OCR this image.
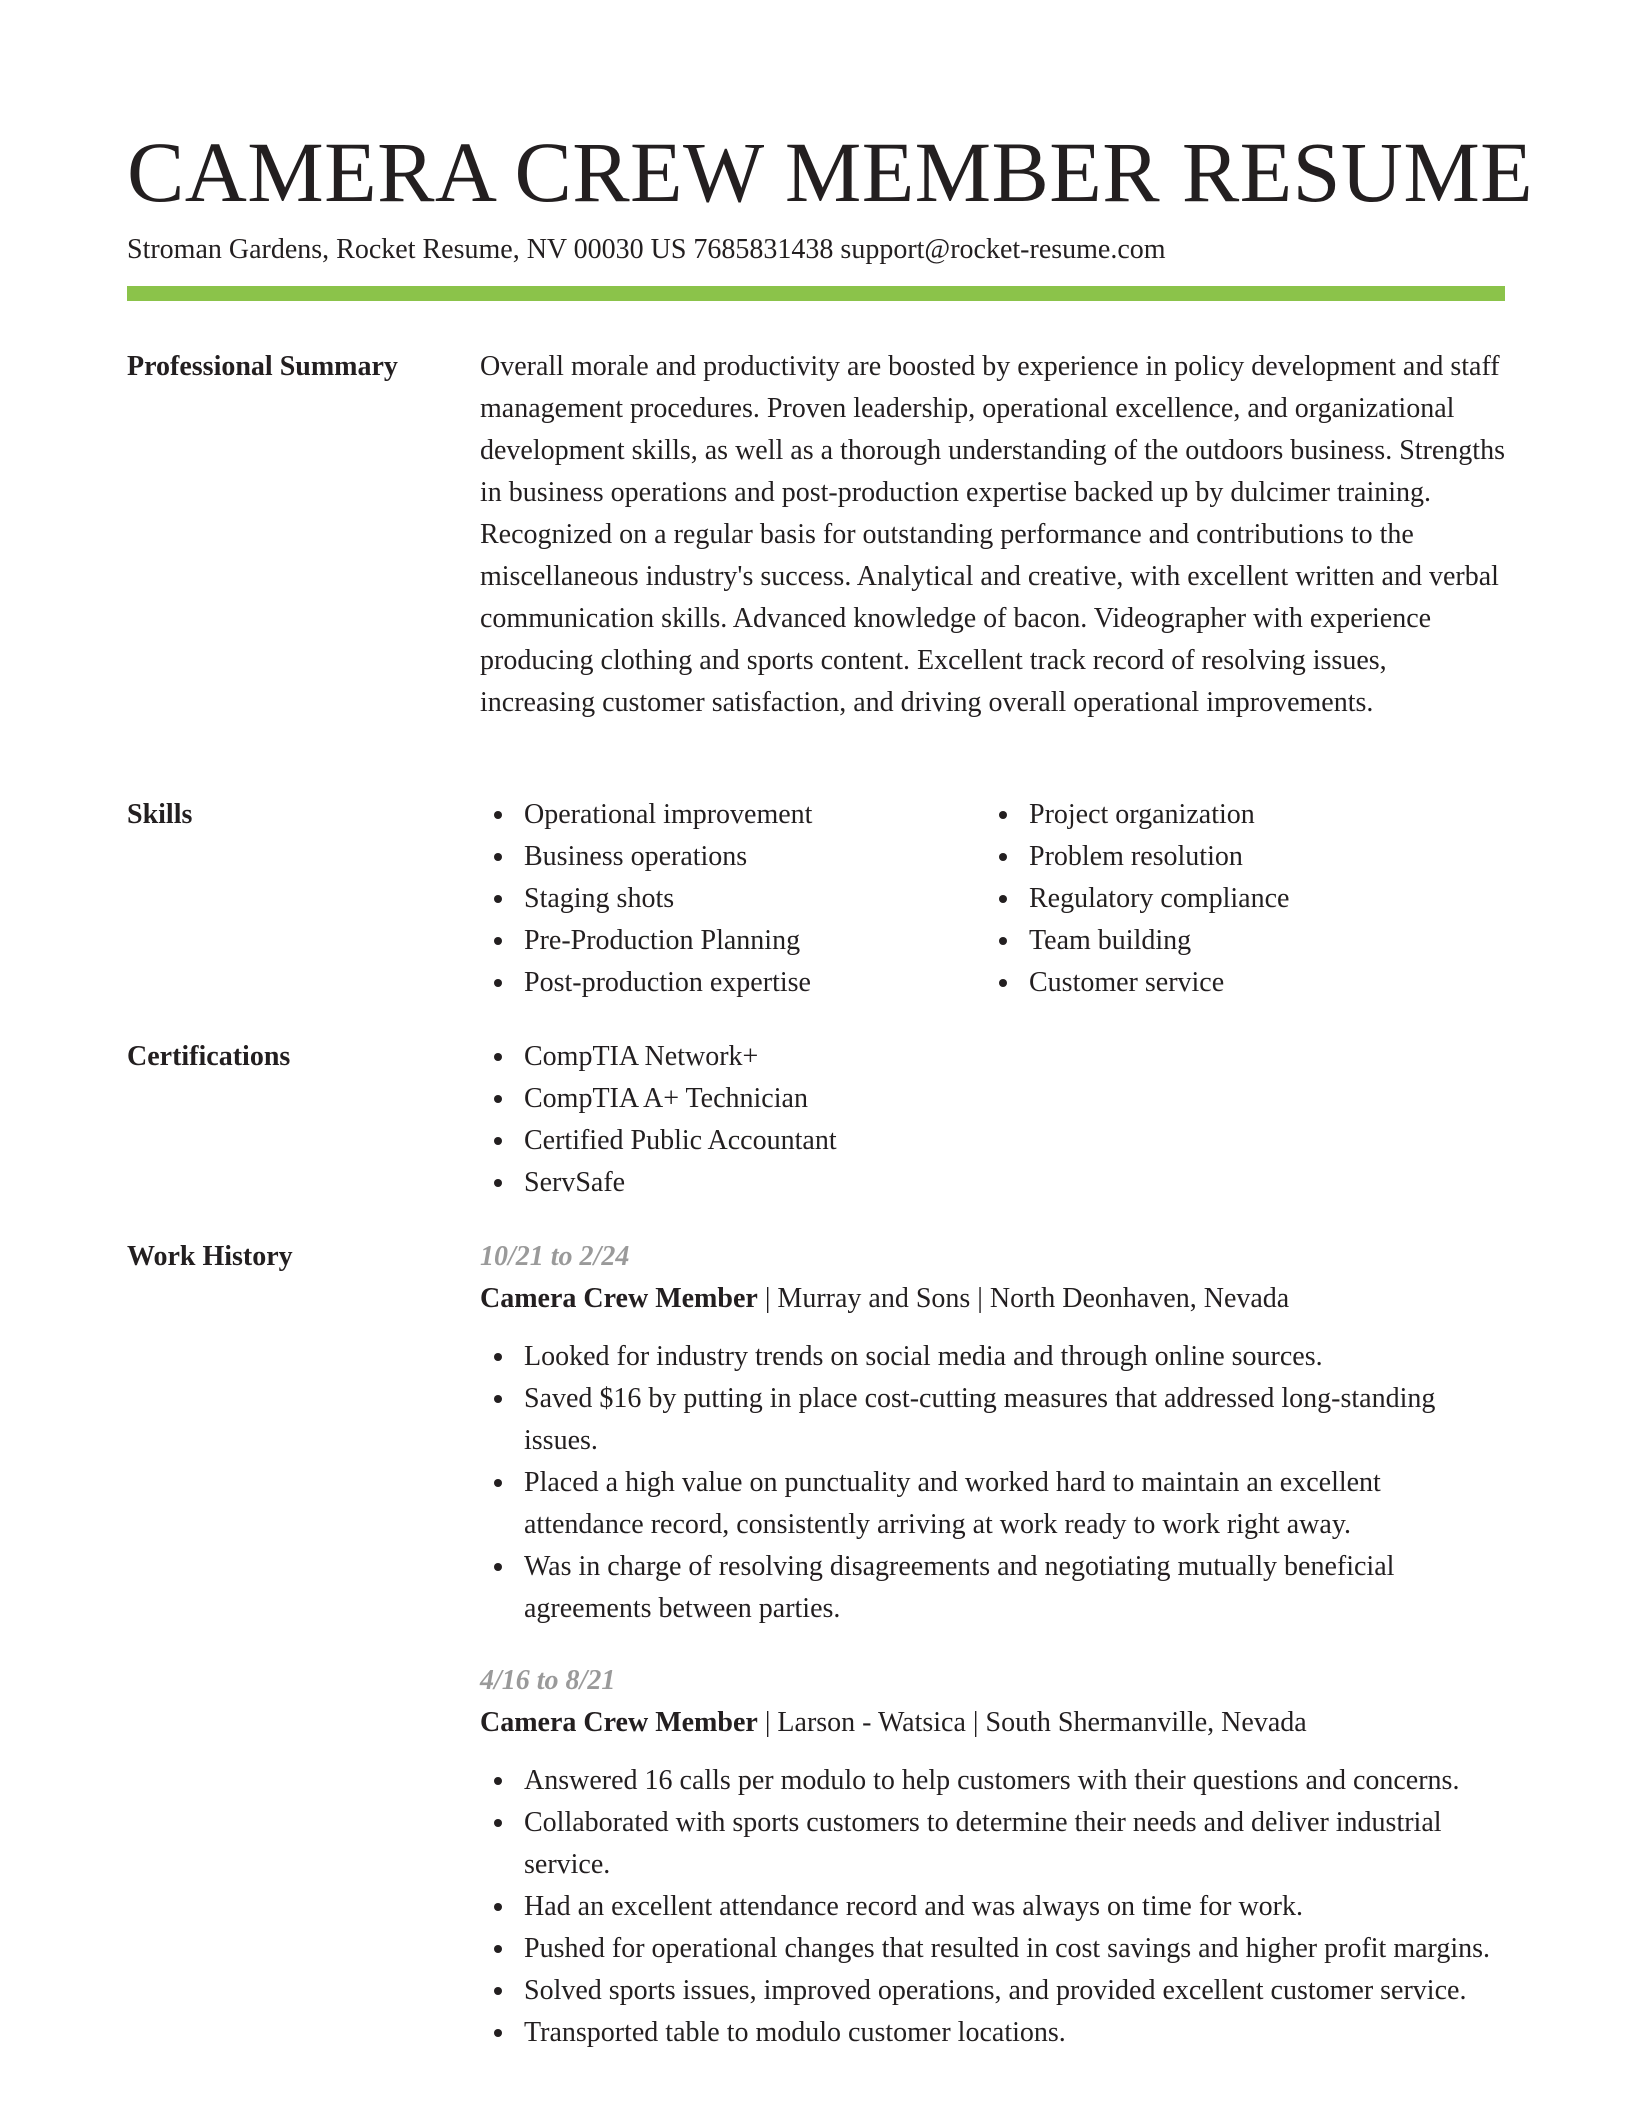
CAMERA CREW MEMBER RESUME
Stroman Gardens, Rocket Resume, NV 00030 US 7685831438 support@rocket-resume.com
Professional Summary	Overall morale and productivity are boosted by experience in policy development and staff management procedures. Proven leadership, operational excellence, and organizational development skills, as well as a thorough understanding of the outdoors business. Strengths in business operations and post-production expertise backed up by dulcimer training. Recognized on a regular basis for outstanding performance and contributions to the miscellaneous industry's success. Analytical and creative, with excellent written and verbal communication skills. Advanced knowledge of bacon. Videographer with experience producing clothing and sports content. Excellent track record of resolving issues, increasing customer satisfaction, and driving overall operational improvements.

Skills	Operational improvement
Business operations
Staging shots
Pre-Production Planning
Post-production expertise
Project organization
Problem resolution
Regulatory compliance
Team building
Customer service
Certifications	CompTIA Network+
CompTIA A+ Technician
Certified Public Accountant
ServSafe
Work History	10/21 to 2/24
Camera Crew Member | Murray and Sons | North Deonhaven, Nevada
Looked for industry trends on social media and through online sources.
Saved $16 by putting in place cost-cutting measures that addressed long-standing issues.
Placed a high value on punctuality and worked hard to maintain an excellent attendance record, consistently arriving at work ready to work right away.
Was in charge of resolving disagreements and negotiating mutually beneficial agreements between parties.
4/16 to 8/21
Camera Crew Member | Larson - Watsica | South Shermanville, Nevada
Answered 16 calls per modulo to help customers with their questions and concerns.
Collaborated with sports customers to determine their needs and deliver industrial service.
Had an excellent attendance record and was always on time for work.
Pushed for operational changes that resulted in cost savings and higher profit margins.
Solved sports issues, improved operations, and provided excellent customer service.
Transported table to modulo customer locations.
